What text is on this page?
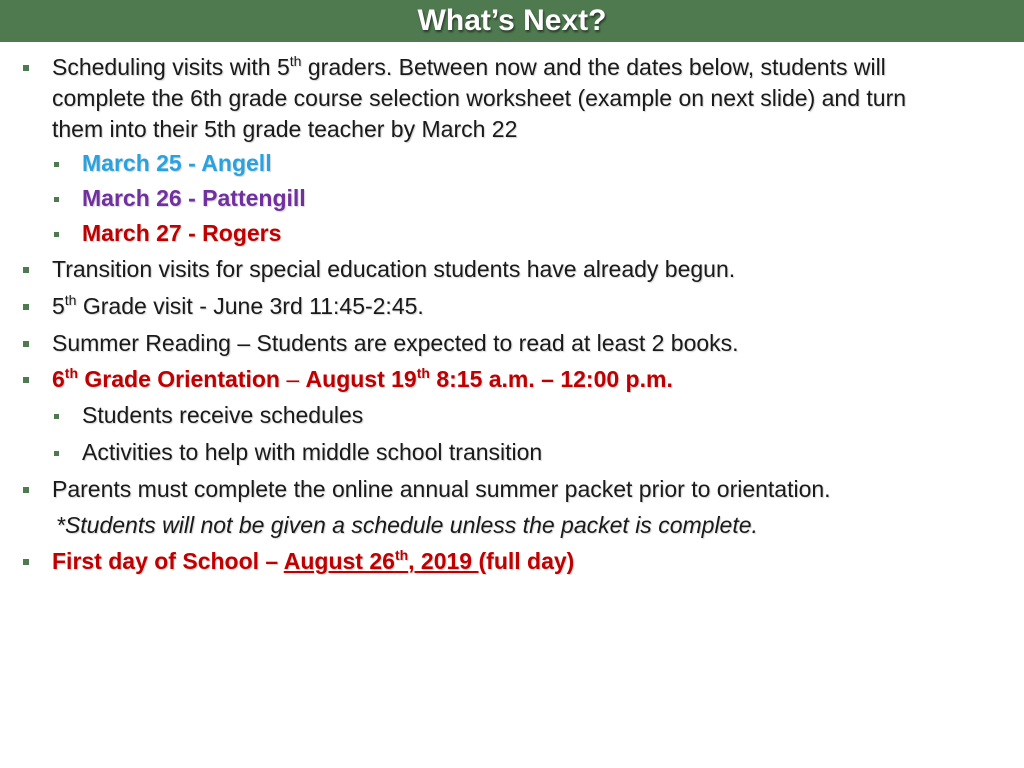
What’s Next?
Scheduling visits with 5th graders. Between now and the dates below, students will
complete the 6th grade course selection worksheet (example on next slide) and turn
them into their 5th grade teacher by March 22
March 25 - Angell
March 26 - Pattengill
March 27 - Rogers
Transition visits for special education students have already begun.
5th Grade visit - June 3rd 11:45-2:45.
Summer Reading – Students are expected to read at least 2 books.
6th Grade Orientation – August 19th 8:15 a.m. – 12:00 p.m.
Students receive schedules
Activities to help with middle school transition
Parents must complete the online annual summer packet prior to orientation.
*Students will not be given a schedule unless the packet is complete.
First day of School – August 26th, 2019 (full day)
